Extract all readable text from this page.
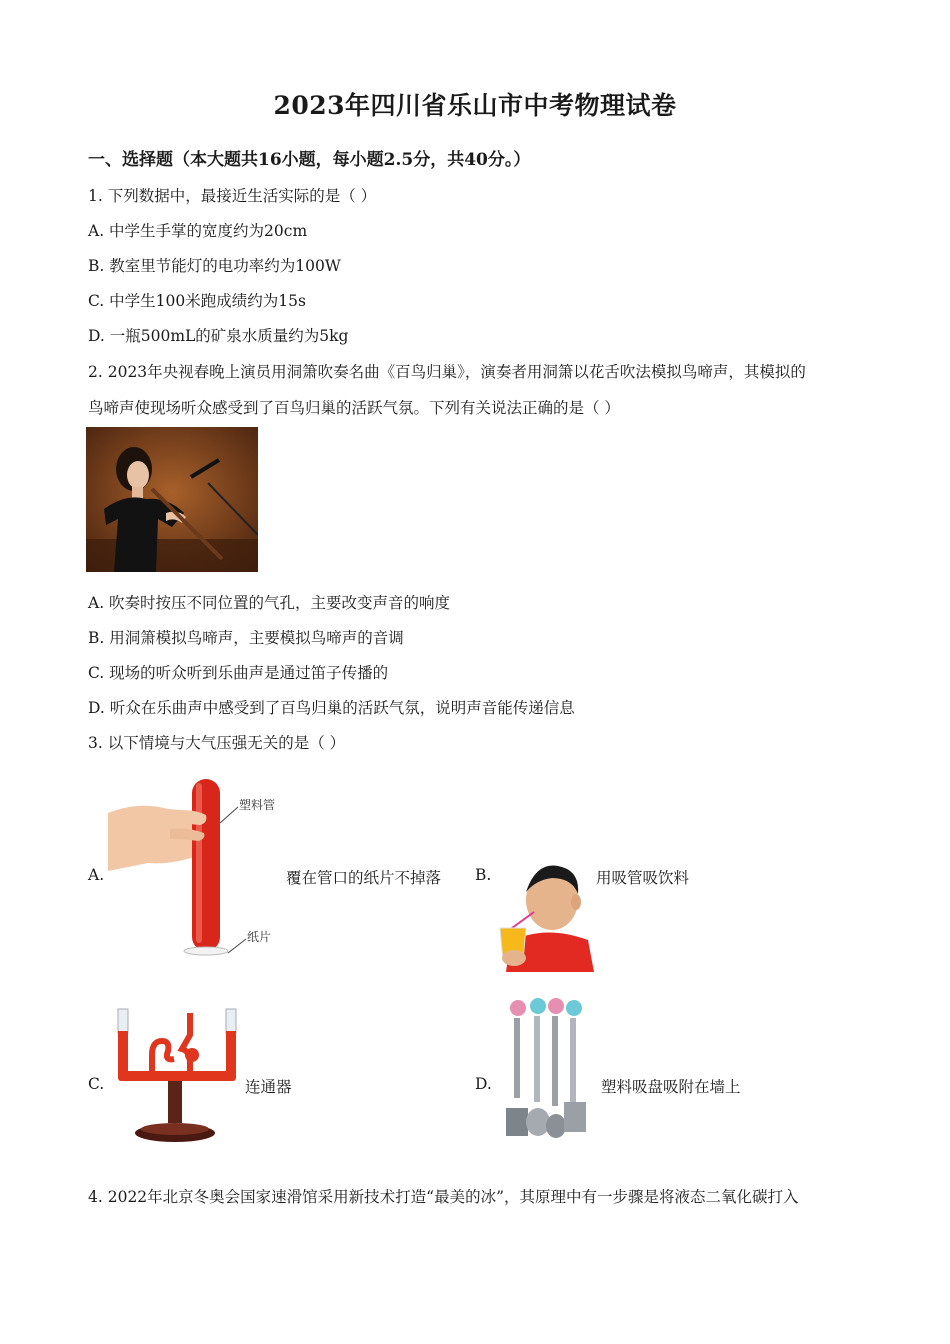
2023年四川省乐山市中考物理试卷
一、选择题（本大题共16小题，每小题2.5分，共40分。）
1. 下列数据中，最接近生活实际的是（ ）
A. 中学生手掌的宽度约为20cm
B. 教室里节能灯的电功率约为100W
C. 中学生100米跑成绩约为15s
D. 一瓶500mL的矿泉水质量约为5kg
2. 2023年央视春晚上演员用洞箫吹奏名曲《百鸟归巢》，演奏者用洞箫以花舌吹法模拟鸟啼声，其模拟的
鸟啼声使现场听众感受到了百鸟归巢的活跃气氛。下列有关说法正确的是（ ）
A. 吹奏时按压不同位置的气孔，主要改变声音的响度
B. 用洞箫模拟鸟啼声，主要模拟鸟啼声的音调
C. 现场的听众听到乐曲声是通过笛子传播的
D. 听众在乐曲声中感受到了百鸟归巢的活跃气氛，说明声音能传递信息
3. 以下情境与大气压强无关的是（ ）
A.
塑料管
纸片
覆在管口的纸片不掉落 B.	用吸管吸饮料
C.	连通器	D.	塑料吸盘吸附在墙上
4. 2022年北京冬奥会国家速滑馆采用新技术打造“最美的冰”，其原理中有一步骤是将液态二氧化碳打入
